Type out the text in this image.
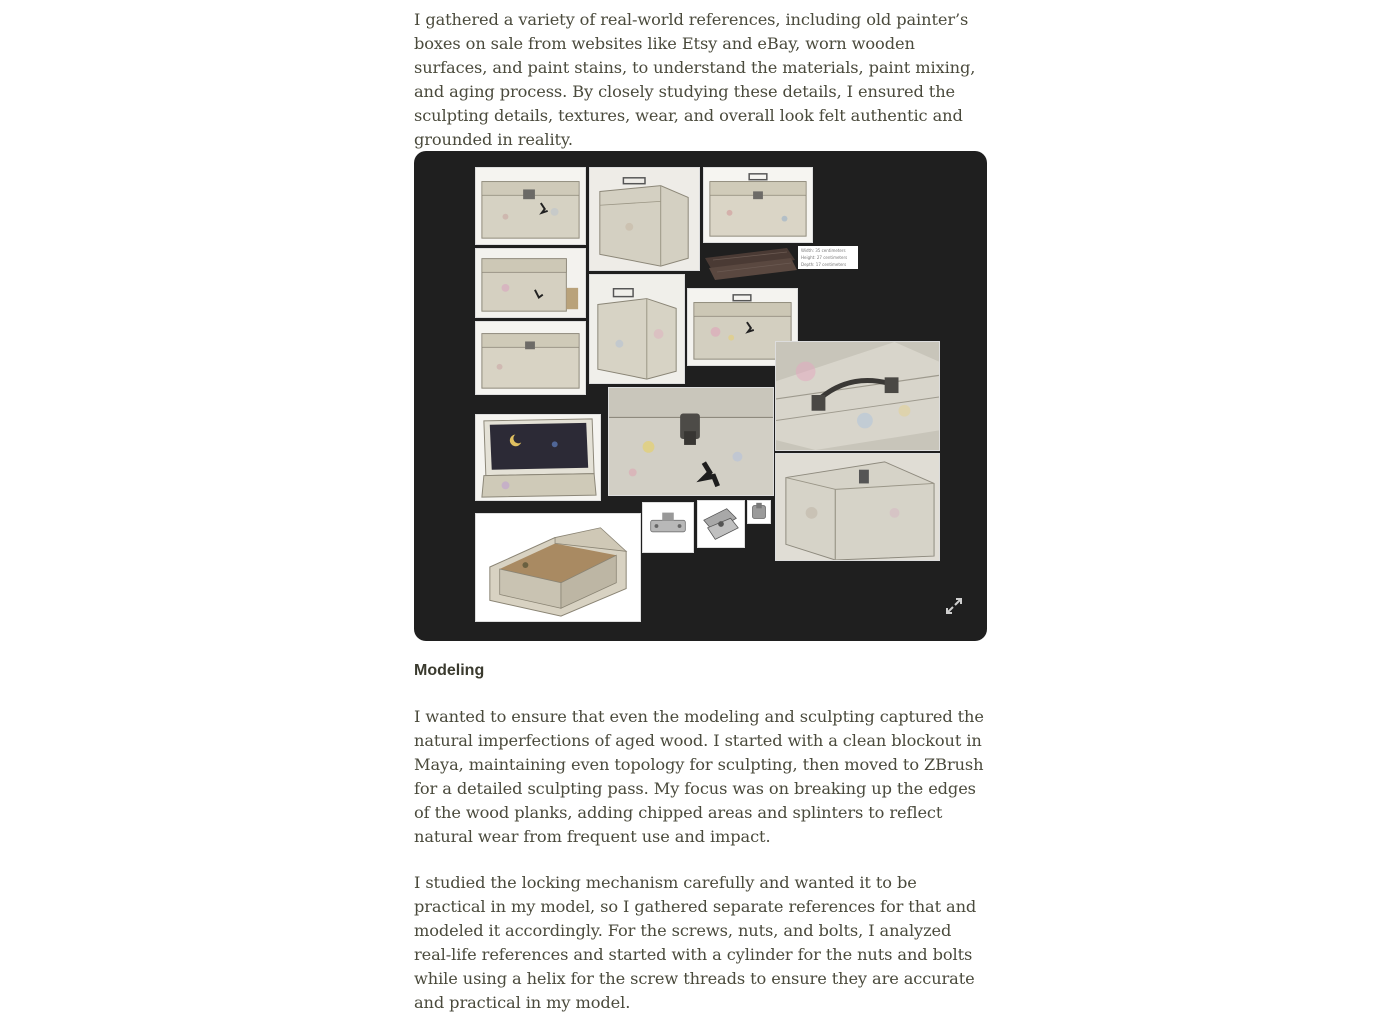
I gathered a variety of real-world references, including old painter’s boxes on sale from websites like Etsy and eBay, worn wooden surfaces, and paint stains, to understand the materials, paint mixing, and aging process. By closely studying these details, I ensured the sculpting details, textures, wear, and overall look felt authentic and grounded in reality.

Modeling

I wanted to ensure that even the modeling and sculpting captured the natural imperfections of aged wood. I started with a clean blockout in Maya, maintaining even topology for sculpting, then moved to ZBrush for a detailed sculpting pass. My focus was on breaking up the edges of the wood planks, adding chipped areas and splinters to reflect natural wear from frequent use and impact.

I studied the locking mechanism carefully and wanted it to be practical in my model, so I gathered separate references for that and modeled it accordingly. For the screws, nuts, and bolts, I analyzed real-life references and started with a cylinder for the nuts and bolts while using a helix for the screw threads to ensure they are accurate and practical in my model.

Width: 35 centimeters
Height: 27 centimeters
Depth: 17 centimeters
